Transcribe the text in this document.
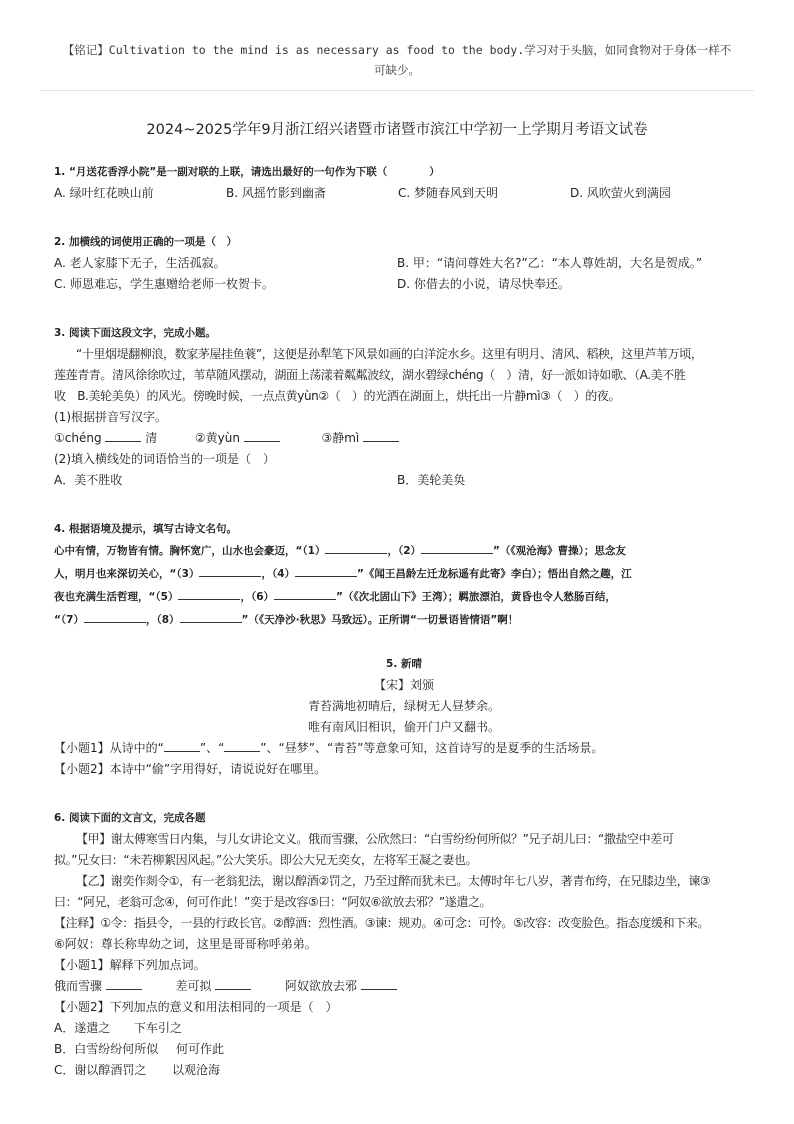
【铭记】Cultivation to the mind is as necessary as food to the body.学习对于头脑，如同食物对于身体一样不
可缺少。
2024~2025学年9月浙江绍兴诸暨市诸暨市滨江中学初一上学期月考语文试卷
1. “月送花香浮小院”是一副对联的上联，请选出最好的一句作为下联（　　　　）
A. 绿叶红花映山前	B. 风摇竹影到幽斋	C. 梦随春风到天明	D. 风吹萤火到满园
2. 加横线的词使用正确的一项是（　）
A. 老人家膝下无子，生活孤寂。	B. 甲：“请问尊姓大名?”乙：“本人尊姓胡，大名是贺成。”
C. 师恩难忘，学生惠赠给老师一枚贺卡。	D. 你借去的小说，请尽快奉还。
3. 阅读下面这段文字，完成小题。
“十里烟堤翻柳浪，数家茅屋挂鱼蓑”，这便是孙犁笔下风景如画的白洋淀水乡。这里有明月、清风、稻秧，这里芦苇万顷，
莲莲青青。清风徐徐吹过，苇草随风摆动，湖面上荡漾着粼粼波纹，湖水碧绿chéng（　）清，好一派如诗如歌、（A.美不胜
收　B.美轮美奂）的风光。傍晚时候，一点点黄yùn②（　）的光洒在湖面上，烘托出一片静mì③（　）的夜。
(1)根据拼音写汉字。
①chéng	清	②黄yùn	③静mì
(2)填入横线处的词语恰当的一项是（　）
A．美不胜收	B．美轮美奂
4. 根据语境及提示，填写古诗文名句。
心中有情，万物皆有情。胸怀宽广，山水也会豪迈，“（1）	，（2）	”（《观沧海》曹操）；思念友
人，明月也来深切关心，“（3）	，（4）	”《闻王昌龄左迁龙标遥有此寄》李白）；悟出自然之趣，江
夜也充满生活哲理，“（5）	，（6）	”（《次北固山下》王湾）；羁旅漂泊，黄昏也令人愁肠百结，
“（7）	，（8）	”（《天净沙·秋思》马致远）。正所谓“一切景语皆情语”啊！
5. 新晴
【宋】刘颁
青苔满地初晴后，绿树无人昼梦余。
唯有南风旧相识，偷开门户又翻书。
【小题1】从诗中的“	”、“	”、“昼梦”、“青苔”等意象可知，这首诗写的是夏季的生活场景。
【小题2】本诗中“偷”字用得好，请说说好在哪里。
6. 阅读下面的文言文，完成各题
【甲】谢太傅寒雪日内集，与儿女讲论文义。俄而雪骤，公欣然曰：“白雪纷纷何所似？”兄子胡儿曰：“撒盐空中差可
拟。”兄女曰：“未若柳絮因风起。”公大笑乐。即公大兄无奕女，左将军王凝之妻也。
【乙】谢奕作剡令①，有一老翁犯法，谢以醇酒②罚之，乃至过醉而犹未已。太傅时年七八岁，著青布绔，在兄膝边坐，谏③
曰：“阿兄，老翁可念④，何可作此！”奕于是改容⑤曰：“阿奴⑥欲放去邪？”遂遣之。
【注释】①令：指县令，一县的行政长官。②醇酒：烈性酒。③谏：规劝。④可念：可怜。⑤改容：改变脸色。指态度缓和下来。
⑥阿奴：尊长称卑幼之词，这里是哥哥称呼弟弟。
【小题1】解释下列加点词。
俄而雪骤	差可拟	阿奴欲放去邪
【小题2】下列加点的意义和用法相同的一项是（　）
A．遂遣之 下车引之
B．白雪纷纷何所似 何可作此
C．谢以醇酒罚之 以观沧海
